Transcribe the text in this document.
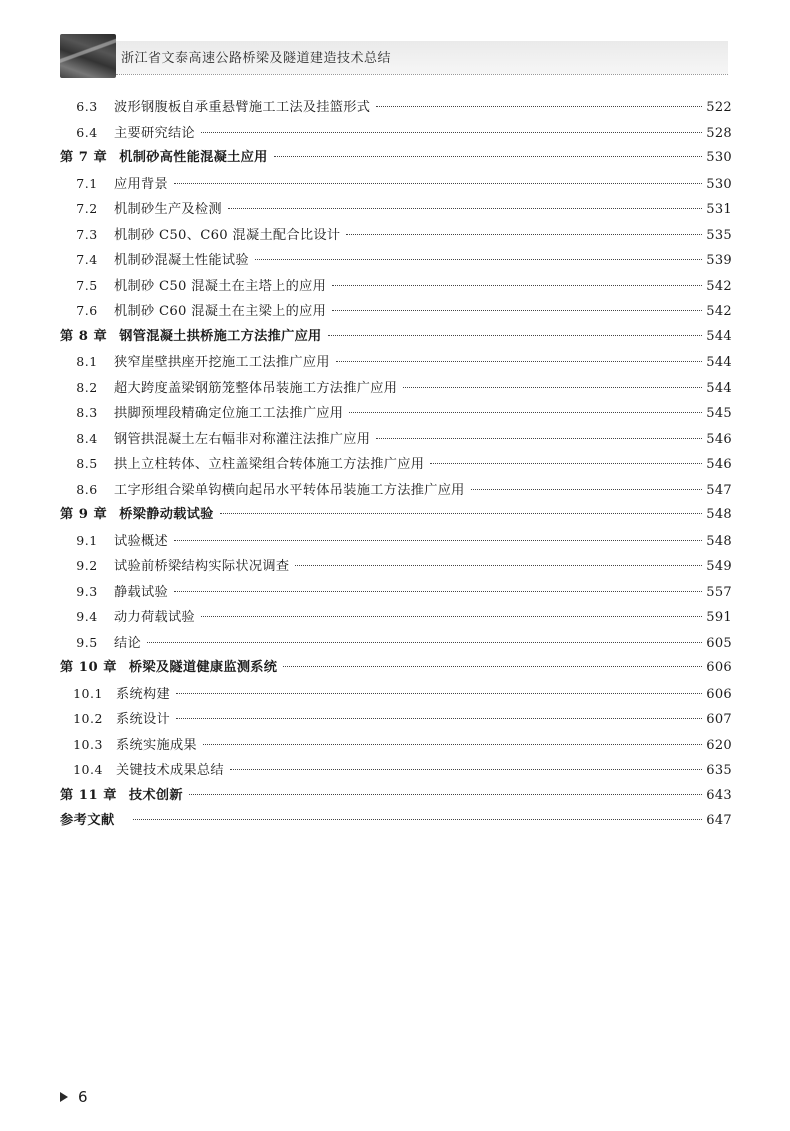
浙江省文泰高速公路桥梁及隧道建造技术总结
6.3	波形钢腹板自承重悬臂施工工法及挂篮形式	522
6.4	主要研究结论	528
第 7 章 机制砂高性能混凝土应用	530
7.1	应用背景	530
7.2	机制砂生产及检测	531
7.3	机制砂 C50、C60 混凝土配合比设计	535
7.4	机制砂混凝土性能试验	539
7.5	机制砂 C50 混凝土在主塔上的应用	542
7.6	机制砂 C60 混凝土在主梁上的应用	542
第 8 章 钢管混凝土拱桥施工方法推广应用	544
8.1	狭窄崖壁拱座开挖施工工法推广应用	544
8.2	超大跨度盖梁钢筋笼整体吊装施工方法推广应用	544
8.3	拱脚预埋段精确定位施工工法推广应用	545
8.4	钢管拱混凝土左右幅非对称灌注法推广应用	546
8.5	拱上立柱转体、立柱盖梁组合转体施工方法推广应用	546
8.6	工字形组合梁单钩横向起吊水平转体吊装施工方法推广应用	547
第 9 章 桥梁静动载试验	548
9.1	试验概述	548
9.2	试验前桥梁结构实际状况调查	549
9.3	静载试验	557
9.4	动力荷载试验	591
9.5	结论	605
第 10 章 桥梁及隧道健康监测系统	606
10.1 系统构建	606
10.2 系统设计	607
10.3 系统实施成果	620
10.4 关键技术成果总结	635
第 11 章 技术创新	643
参考文献	647
6
